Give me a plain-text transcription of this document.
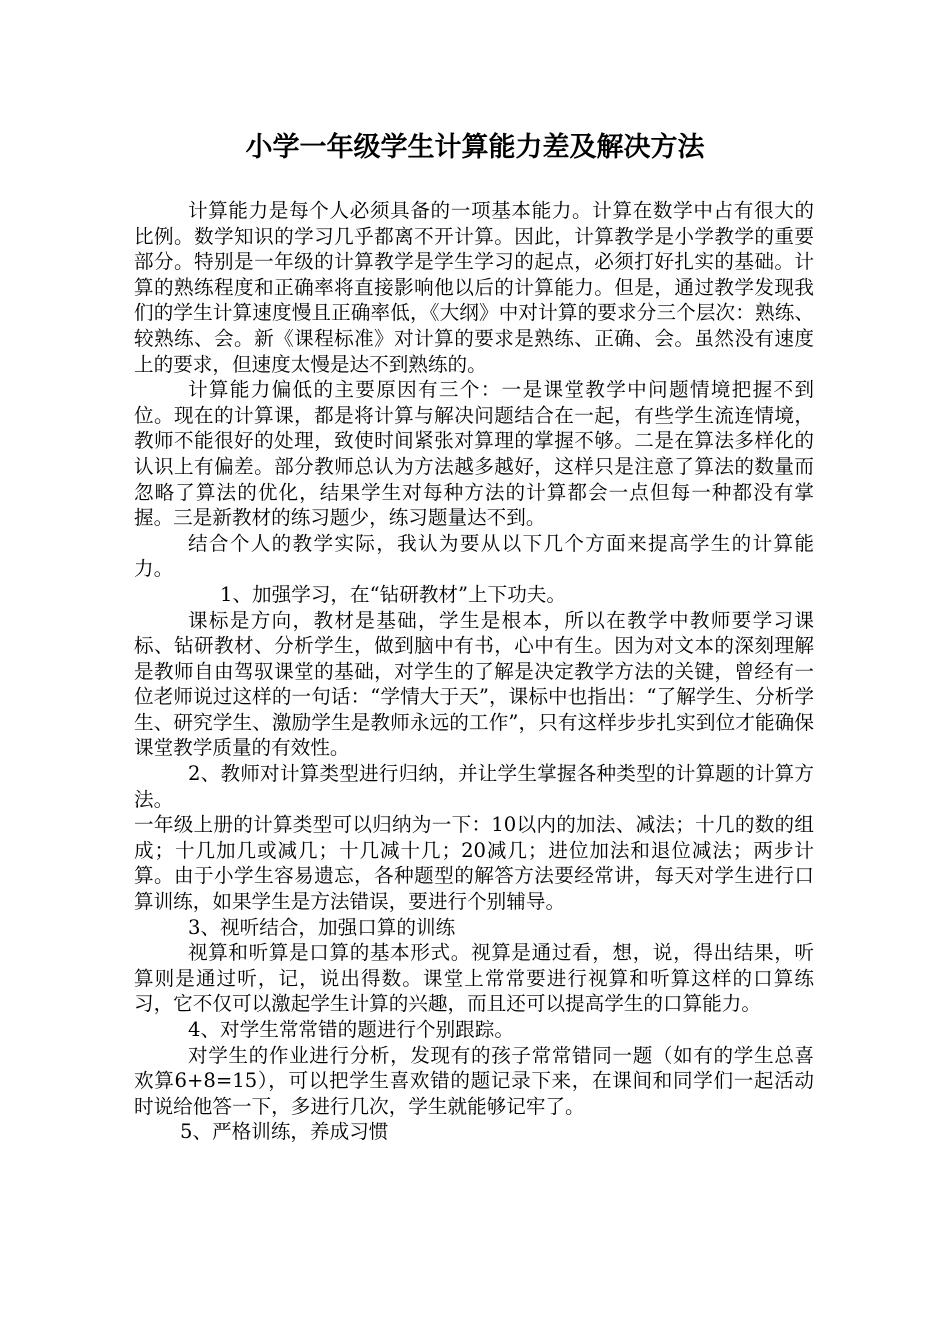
小学一年级学生计算能力差及解决方法

计算能力是每个人必须具备的一项基本能力。计算在数学中占有很大的比例。数学知识的学习几乎都离不开计算。因此，计算教学是小学教学的重要部分。特别是一年级的计算教学是学生学习的起点，必须打好扎实的基础。计算的熟练程度和正确率将直接影响他以后的计算能力。但是，通过教学发现我们的学生计算速度慢且正确率低，《大纲》中对计算的要求分三个层次：熟练、较熟练、会。新《课程标准》对计算的要求是熟练、正确、会。虽然没有速度上的要求，但速度太慢是达不到熟练的。

计算能力偏低的主要原因有三个：一是课堂教学中问题情境把握不到位。现在的计算课，都是将计算与解决问题结合在一起，有些学生流连情境，教师不能很好的处理，致使时间紧张对算理的掌握不够。二是在算法多样化的认识上有偏差。部分教师总认为方法越多越好，这样只是注意了算法的数量而忽略了算法的优化，结果学生对每种方法的计算都会一点但每一种都没有掌握。三是新教材的练习题少，练习题量达不到。

结合个人的教学实际，我认为要从以下几个方面来提高学生的计算能力。

1、加强学习，在“钻研教材”上下功夫。

课标是方向，教材是基础，学生是根本，所以在教学中教师要学习课标、钻研教材、分析学生，做到脑中有书，心中有生。因为对文本的深刻理解是教师自由驾驭课堂的基础，对学生的了解是决定教学方法的关键，曾经有一位老师说过这样的一句话：“学情大于天”，课标中也指出：“了解学生、分析学生、研究学生、激励学生是教师永远的工作”，只有这样步步扎实到位才能确保课堂教学质量的有效性。

2、教师对计算类型进行归纳，并让学生掌握各种类型的计算题的计算方法。

一年级上册的计算类型可以归纳为一下：10以内的加法、减法；十几的数的组成；十几加几或减几；十几减十几；20减几；进位加法和退位减法；两步计算。由于小学生容易遗忘，各种题型的解答方法要经常讲，每天对学生进行口算训练，如果学生是方法错误，要进行个别辅导。

3、视听结合，加强口算的训练

视算和听算是口算的基本形式。视算是通过看，想，说，得出结果，听算则是通过听，记，说出得数。课堂上常常要进行视算和听算这样的口算练习，它不仅可以激起学生计算的兴趣，而且还可以提高学生的口算能力。

4、对学生常常错的题进行个别跟踪。

对学生的作业进行分析，发现有的孩子常常错同一题（如有的学生总喜欢算6+8=15），可以把学生喜欢错的题记录下来，在课间和同学们一起活动时说给他答一下，多进行几次，学生就能够记牢了。

5、严格训练，养成习惯
